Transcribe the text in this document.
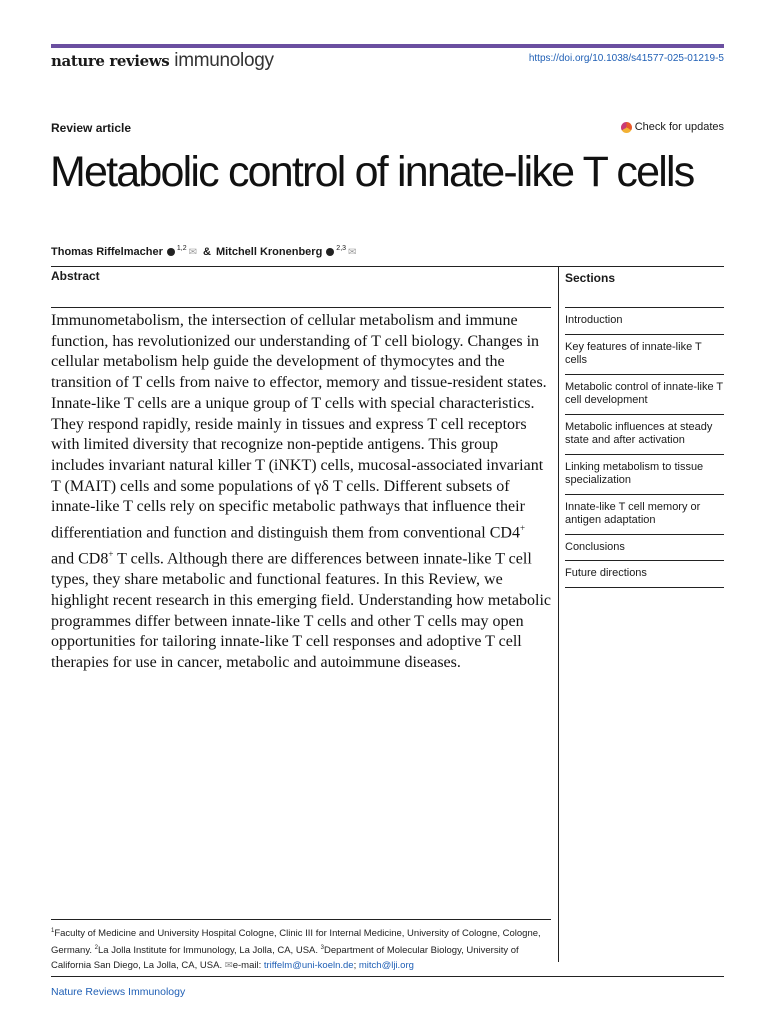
nature reviews immunology	https://doi.org/10.1038/s41577-025-01219-5
Review article	Check for updates
Metabolic control of innate-like T cells
Thomas Riffelmacher 1,2 ✉ & Mitchell Kronenberg 2,3 ✉
Abstract

Immunometabolism, the intersection of cellular metabolism and immune function, has revolutionized our understanding of T cell biology. Changes in cellular metabolism help guide the development of thymocytes and the transition of T cells from naive to effector, memory and tissue-resident states. Innate-like T cells are a unique group of T cells with special characteristics. They respond rapidly, reside mainly in tissues and express T cell receptors with limited diversity that recognize non-peptide antigens. This group includes invariant natural killer T (iNKT) cells, mucosal-associated invariant T (MAIT) cells and some populations of γδ T cells. Different subsets of innate-like T cells rely on specific metabolic pathways that influence their differentiation and function and distinguish them from conventional CD4+ and CD8+ T cells. Although there are differences between innate-like T cell types, they share metabolic and functional features. In this Review, we highlight recent research in this emerging field. Understanding how metabolic programmes differ between innate-like T cells and other T cells may open opportunities for tailoring innate-like T cell responses and adoptive T cell therapies for use in cancer, metabolic and autoimmune diseases.

Sections
Introduction
Key features of innate-like T cells
Metabolic control of innate-like T cell development
Metabolic influences at steady state and after activation
Linking metabolism to tissue specialization
Innate-like T cell memory or antigen adaptation
Conclusions
Future directions
$^1$Faculty of Medicine and University Hospital Cologne, Clinic III for Internal Medicine, University of Cologne, Cologne, Germany. $^2$La Jolla Institute for Immunology, La Jolla, CA, USA. $^3$Department of Molecular Biology, University of California San Diego, La Jolla, CA, USA. ✉e-mail: triffelm@uni-koeln.de; mitch@lji.org
Nature Reviews Immunology
